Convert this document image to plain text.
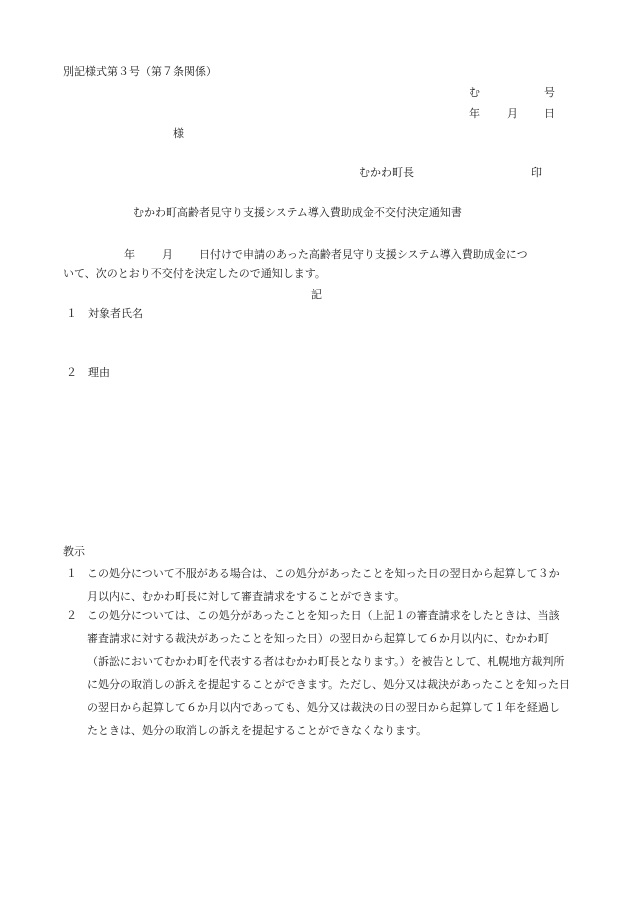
別記様式第３号（第７条関係）
む	号
年 月 日
様
むかわ町長	印
むかわ町高齢者見守り支援システム導入費助成金不交付決定通知書
年 月 日付けで申請のあった高齢者見守り支援システム導入費助成金につ
いて、次のとおり不交付を決定したので通知します。
記
１ 対象者氏名
２ 理由
教示
１ この処分について不服がある場合は、この処分があったことを知った日の翌日から起算して３か月以内に、むかわ町長に対して審査請求をすることができます。
２ この処分については、この処分があったことを知った日（上記１の審査請求をしたときは、当該審査請求に対する裁決があったことを知った日）の翌日から起算して６か月以内に、むかわ町（訴訟においてむかわ町を代表する者はむかわ町長となります。）を被告として、札幌地方裁判所に処分の取消しの訴えを提起することができます。ただし、処分又は裁決があったことを知った日の翌日から起算して６か月以内であっても、処分又は裁決の日の翌日から起算して１年を経過したときは、処分の取消しの訴えを提起することができなくなります。
